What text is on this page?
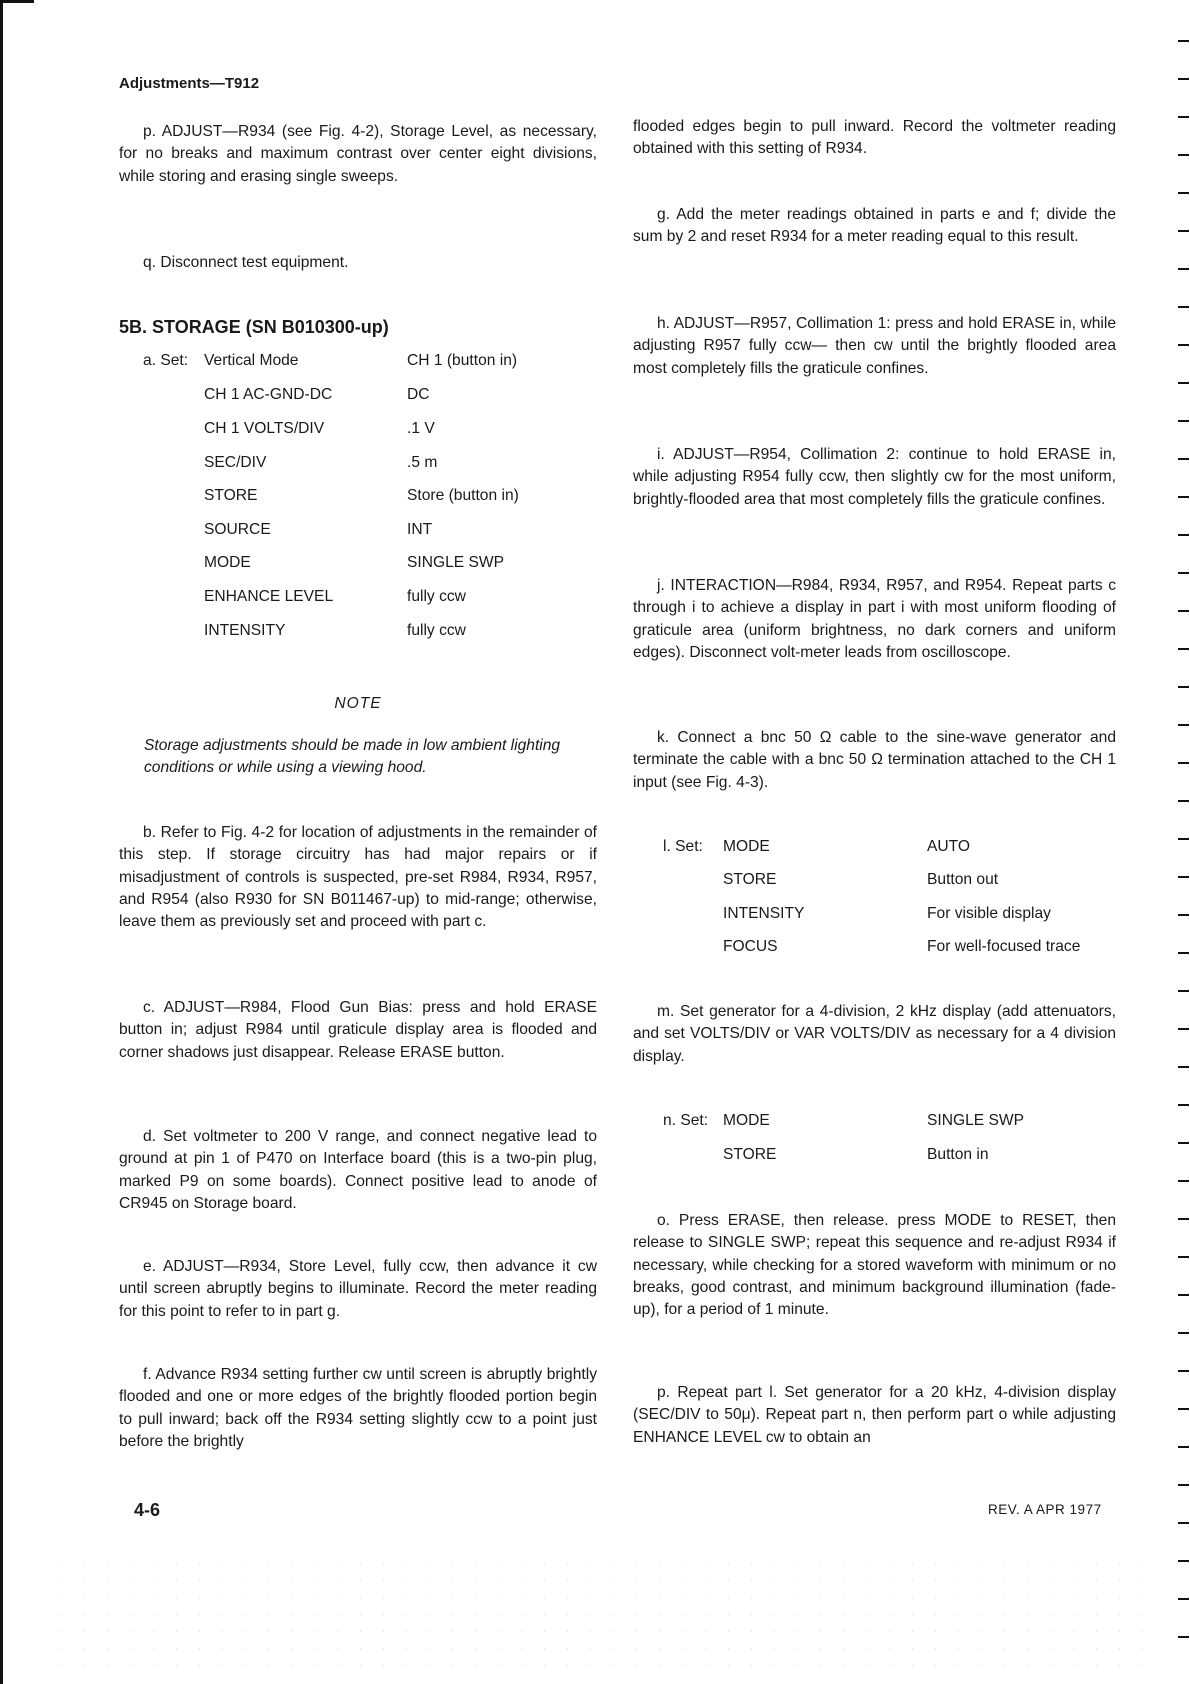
Adjustments—T912

p. ADJUST—R934 (see Fig. 4-2), Storage Level, as necessary, for no breaks and maximum contrast over center eight divisions, while storing and erasing single sweeps.

q. Disconnect test equipment.

5B. STORAGE (SN B010300-up)
a. Set: Vertical Mode	CH 1 (button in)
CH 1 AC-GND-DC	DC
CH 1 VOLTS/DIV	.1 V
SEC/DIV	.5 m
STORE	Store (button in)
SOURCE	INT
MODE	SINGLE SWP
ENHANCE LEVEL	fully ccw
INTENSITY	fully ccw
NOTE

Storage adjustments should be made in low ambient lighting conditions or while using a viewing hood.

b. Refer to Fig. 4-2 for location of adjustments in the remainder of this step. If storage circuitry has had major repairs or if misadjustment of controls is suspected, pre-set R984, R934, R957, and R954 (also R930 for SN B011467-up) to mid-range; otherwise, leave them as previously set and proceed with part c.

c. ADJUST—R984, Flood Gun Bias: press and hold ERASE button in; adjust R984 until graticule display area is flooded and corner shadows just disappear. Release ERASE button.

d. Set voltmeter to 200 V range, and connect negative lead to ground at pin 1 of P470 on Interface board (this is a two-pin plug, marked P9 on some boards). Connect positive lead to anode of CR945 on Storage board.

e. ADJUST—R934, Store Level, fully ccw, then advance it cw until screen abruptly begins to illuminate. Record the meter reading for this point to refer to in part g.

f. Advance R934 setting further cw until screen is abruptly brightly flooded and one or more edges of the brightly flooded portion begin to pull inward; back off the R934 setting slightly ccw to a point just before the brightly

flooded edges begin to pull inward. Record the voltmeter reading obtained with this setting of R934.

g. Add the meter readings obtained in parts e and f; divide the sum by 2 and reset R934 for a meter reading equal to this result.

h. ADJUST—R957, Collimation 1: press and hold ERASE in, while adjusting R957 fully ccw— then cw until the brightly flooded area most completely fills the graticule confines.

i. ADJUST—R954, Collimation 2: continue to hold ERASE in, while adjusting R954 fully ccw, then slightly cw for the most uniform, brightly-flooded area that most completely fills the graticule confines.

j. INTERACTION—R984, R934, R957, and R954. Repeat parts c through i to achieve a display in part i with most uniform flooding of graticule area (uniform brightness, no dark corners and uniform edges). Disconnect volt-meter leads from oscilloscope.

k. Connect a bnc 50 Ω cable to the sine-wave generator and terminate the cable with a bnc 50 Ω termination attached to the CH 1 input (see Fig. 4-3).

l. Set: MODE	AUTO
STORE	Button out
INTENSITY	For visible display
FOCUS	For well-focused trace

m. Set generator for a 4-division, 2 kHz display (add attenuators, and set VOLTS/DIV or VAR VOLTS/DIV as necessary for a 4 division display.

n. Set: MODE	SINGLE SWP
STORE	Button in

o. Press ERASE, then release. press MODE to RESET, then release to SINGLE SWP; repeat this sequence and re-adjust R934 if necessary, while checking for a stored waveform with minimum or no breaks, good contrast, and minimum background illumination (fade-up), for a period of 1 minute.

p. Repeat part l. Set generator for a 20 kHz, 4-division display (SEC/DIV to 50μ). Repeat part n, then perform part o while adjusting ENHANCE LEVEL cw to obtain an

4-6	REV. A APR 1977
